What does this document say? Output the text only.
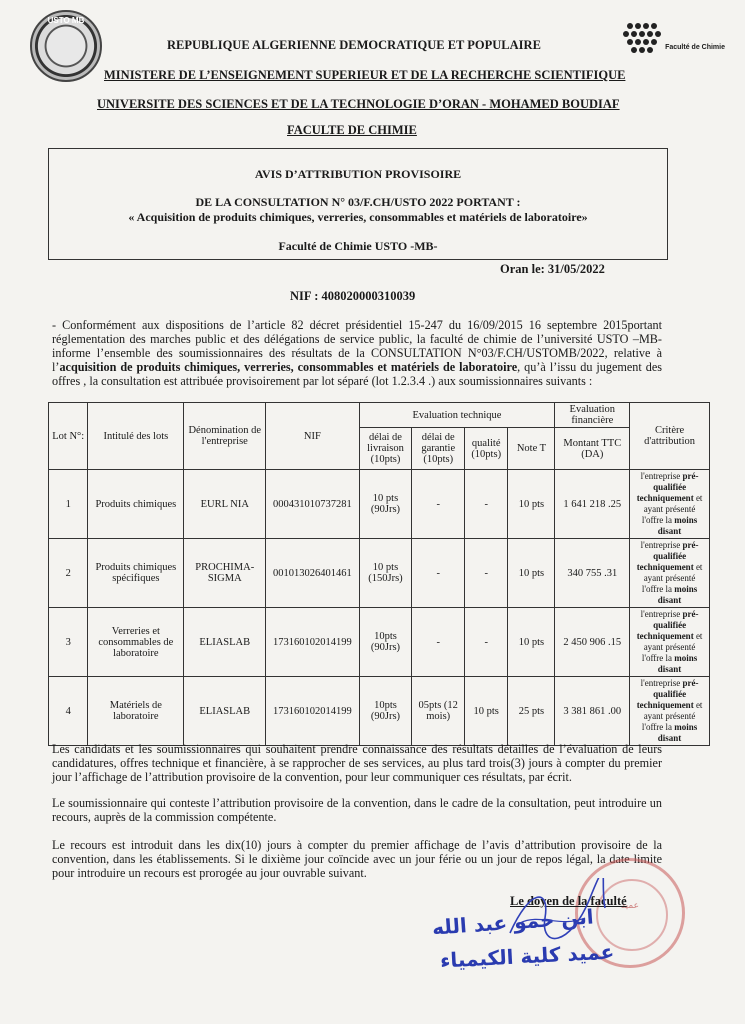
USTO MB
Faculté de Chimie
REPUBLIQUE ALGERIENNE DEMOCRATIQUE ET POPULAIRE
MINISTERE DE L’ENSEIGNEMENT SUPERIEUR ET DE LA RECHERCHE SCIENTIFIQUE
UNIVERSITE DES SCIENCES ET DE LA TECHNOLOGIE D’ORAN - MOHAMED BOUDIAF
FACULTE DE CHIMIE
AVIS D’ATTRIBUTION PROVISOIRE
DE LA CONSULTATION N° 03/F.CH/USTO 2022 PORTANT :
« Acquisition de produits chimiques, verreries, consommables et matériels de laboratoire»
Faculté de Chimie USTO -MB-
Oran le: 31/05/2022
NIF : 408020000310039
- Conformément aux dispositions de l’article 82 décret présidentiel 15-247 du 16/09/2015 16 septembre 2015portant réglementation des marches public et des délégations de service public, la faculté de chimie de l’université USTO –MB- informe l’ensemble des soumissionnaires des résultats de la CONSULTATION N°03/F.CH/USTOMB/2022, relative à l’acquisition de produits chimiques, verreries, consommables et matériels de laboratoire, qu’à l’issu du jugement des offres , la consultation est attribuée provisoirement par lot séparé (lot 1.2.3.4 .) aux soumissionnaires suivants :
Lot N°:	Intitulé des lots	Dénomination de l'entreprise	NIF	Evaluation technique				Evaluation financière	Critère d'attribution
				délai de livraison (10pts)	délai de garantie (10pts)	qualité (10pts)	Note T	Montant TTC (DA)	
1	Produits chimiques	EURL NIA	000431010737281	10 pts (90Jrs)	-	-	10 pts	1 641 218 .25	l'entreprise pré-qualifiée techniquement et ayant présenté l'offre la moins disant
2	Produits chimiques spécifiques	PROCHIMA-SIGMA	001013026401461	10 pts (150Jrs)	-	-	10 pts	340 755 .31	l'entreprise pré-qualifiée techniquement et ayant présenté l'offre la moins disant
3	Verreries et consommables de laboratoire	ELIASLAB	173160102014199	10pts (90Jrs)	-	-	10 pts	2 450 906 .15	l'entreprise pré-qualifiée techniquement et ayant présenté l'offre la moins disant
4	Matériels de laboratoire	ELIASLAB	173160102014199	10pts (90Jrs)	05pts (12 mois)	10 pts	25 pts	3 381 861 .00	l'entreprise pré-qualifiée techniquement et ayant présenté l'offre la moins disant
Les candidats et les soumissionnaires qui souhaitent prendre connaissance des résultats détailles de l’évaluation de leurs candidatures, offres technique et financière, à se rapprocher de ses services, au plus tard trois(3) jours à compter du premier jour l’affichage de l’attribution provisoire de la convention, pour leur communiquer ces résultats, par écrit.
Le soumissionnaire qui conteste l’attribution provisoire de la convention, dans le cadre de la consultation, peut introduire un recours, auprès de la commission compétente.
Le recours est introduit dans les dix(10) jours à compter du premier affichage de l’avis d’attribution provisoire de la convention, dans les établissements. Si le dixième jour coïncide avec un jour férie ou un jour de repos légal, la date limite pour introduire un recours est prorogée au jour ouvrable suivant.
عميد
Le doyen de la faculté
ابن حمو عبد الله
عميد كلية الكيمياء
